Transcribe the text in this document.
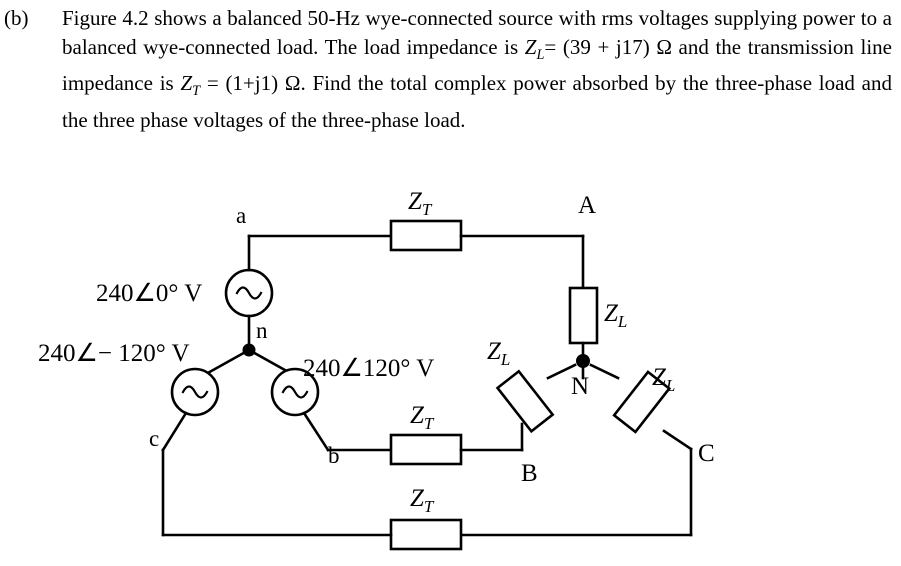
(b) Figure 4.2 shows a balanced 50-Hz wye-connected source with rms voltages supplying power to a balanced wye-connected load. The load impedance is $Z_L= (39 + j17)$ Ω and the transmission line impedance is $Z_T = (1+j1)$ Ω. Find the total complex power absorbed by the three-phase load and the three phase voltages of the three-phase load.
$Z_T$	A
a
240∠0° V
n
240∠− 120° V
240∠120° V
$Z_L$
$Z_L$
$Z_L$
N
$Z_T$
c
b
B
C
$Z_T$
